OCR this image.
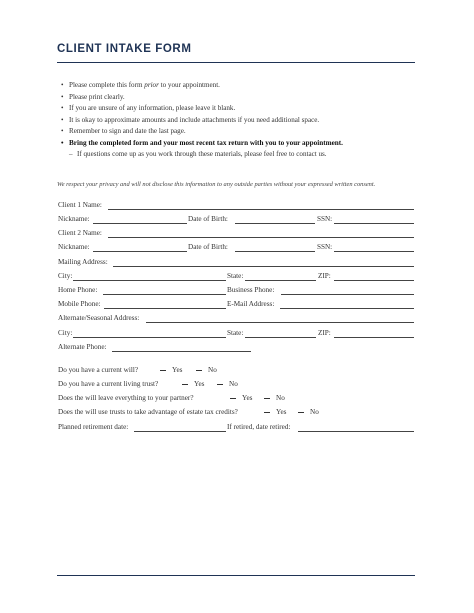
CLIENT INTAKE FORM
• Please complete this form prior to your appointment.
• Please print clearly.
• If you are unsure of any information, please leave it blank.
• It is okay to approximate amounts and include attachments if you need additional space.
• Remember to sign and date the last page.
• Bring the completed form and your most recent tax return with you to your appointment.
– If questions come up as you work through these materials, please feel free to contact us.
We respect your privacy and will not disclose this information to any outside parties without your expressed written consent.
Client 1 Name:
Nickname:	Date of Birth:	SSN:
Client 2 Name:
Nickname:	Date of Birth:	SSN:
Mailing Address:
City:	State:	ZIP:
Home Phone:	Business Phone:
Mobile Phone:	E-Mail Address:
Alternate/Seasonal Address:
City:	State:	ZIP:
Alternate Phone:
Do you have a current will?	Yes	No
Do you have a current living trust?	Yes	No
Does the will leave everything to your partner?	Yes	No
Does the will use trusts to take advantage of estate tax credits?	Yes	No
Planned retirement date:	If retired, date retired:
